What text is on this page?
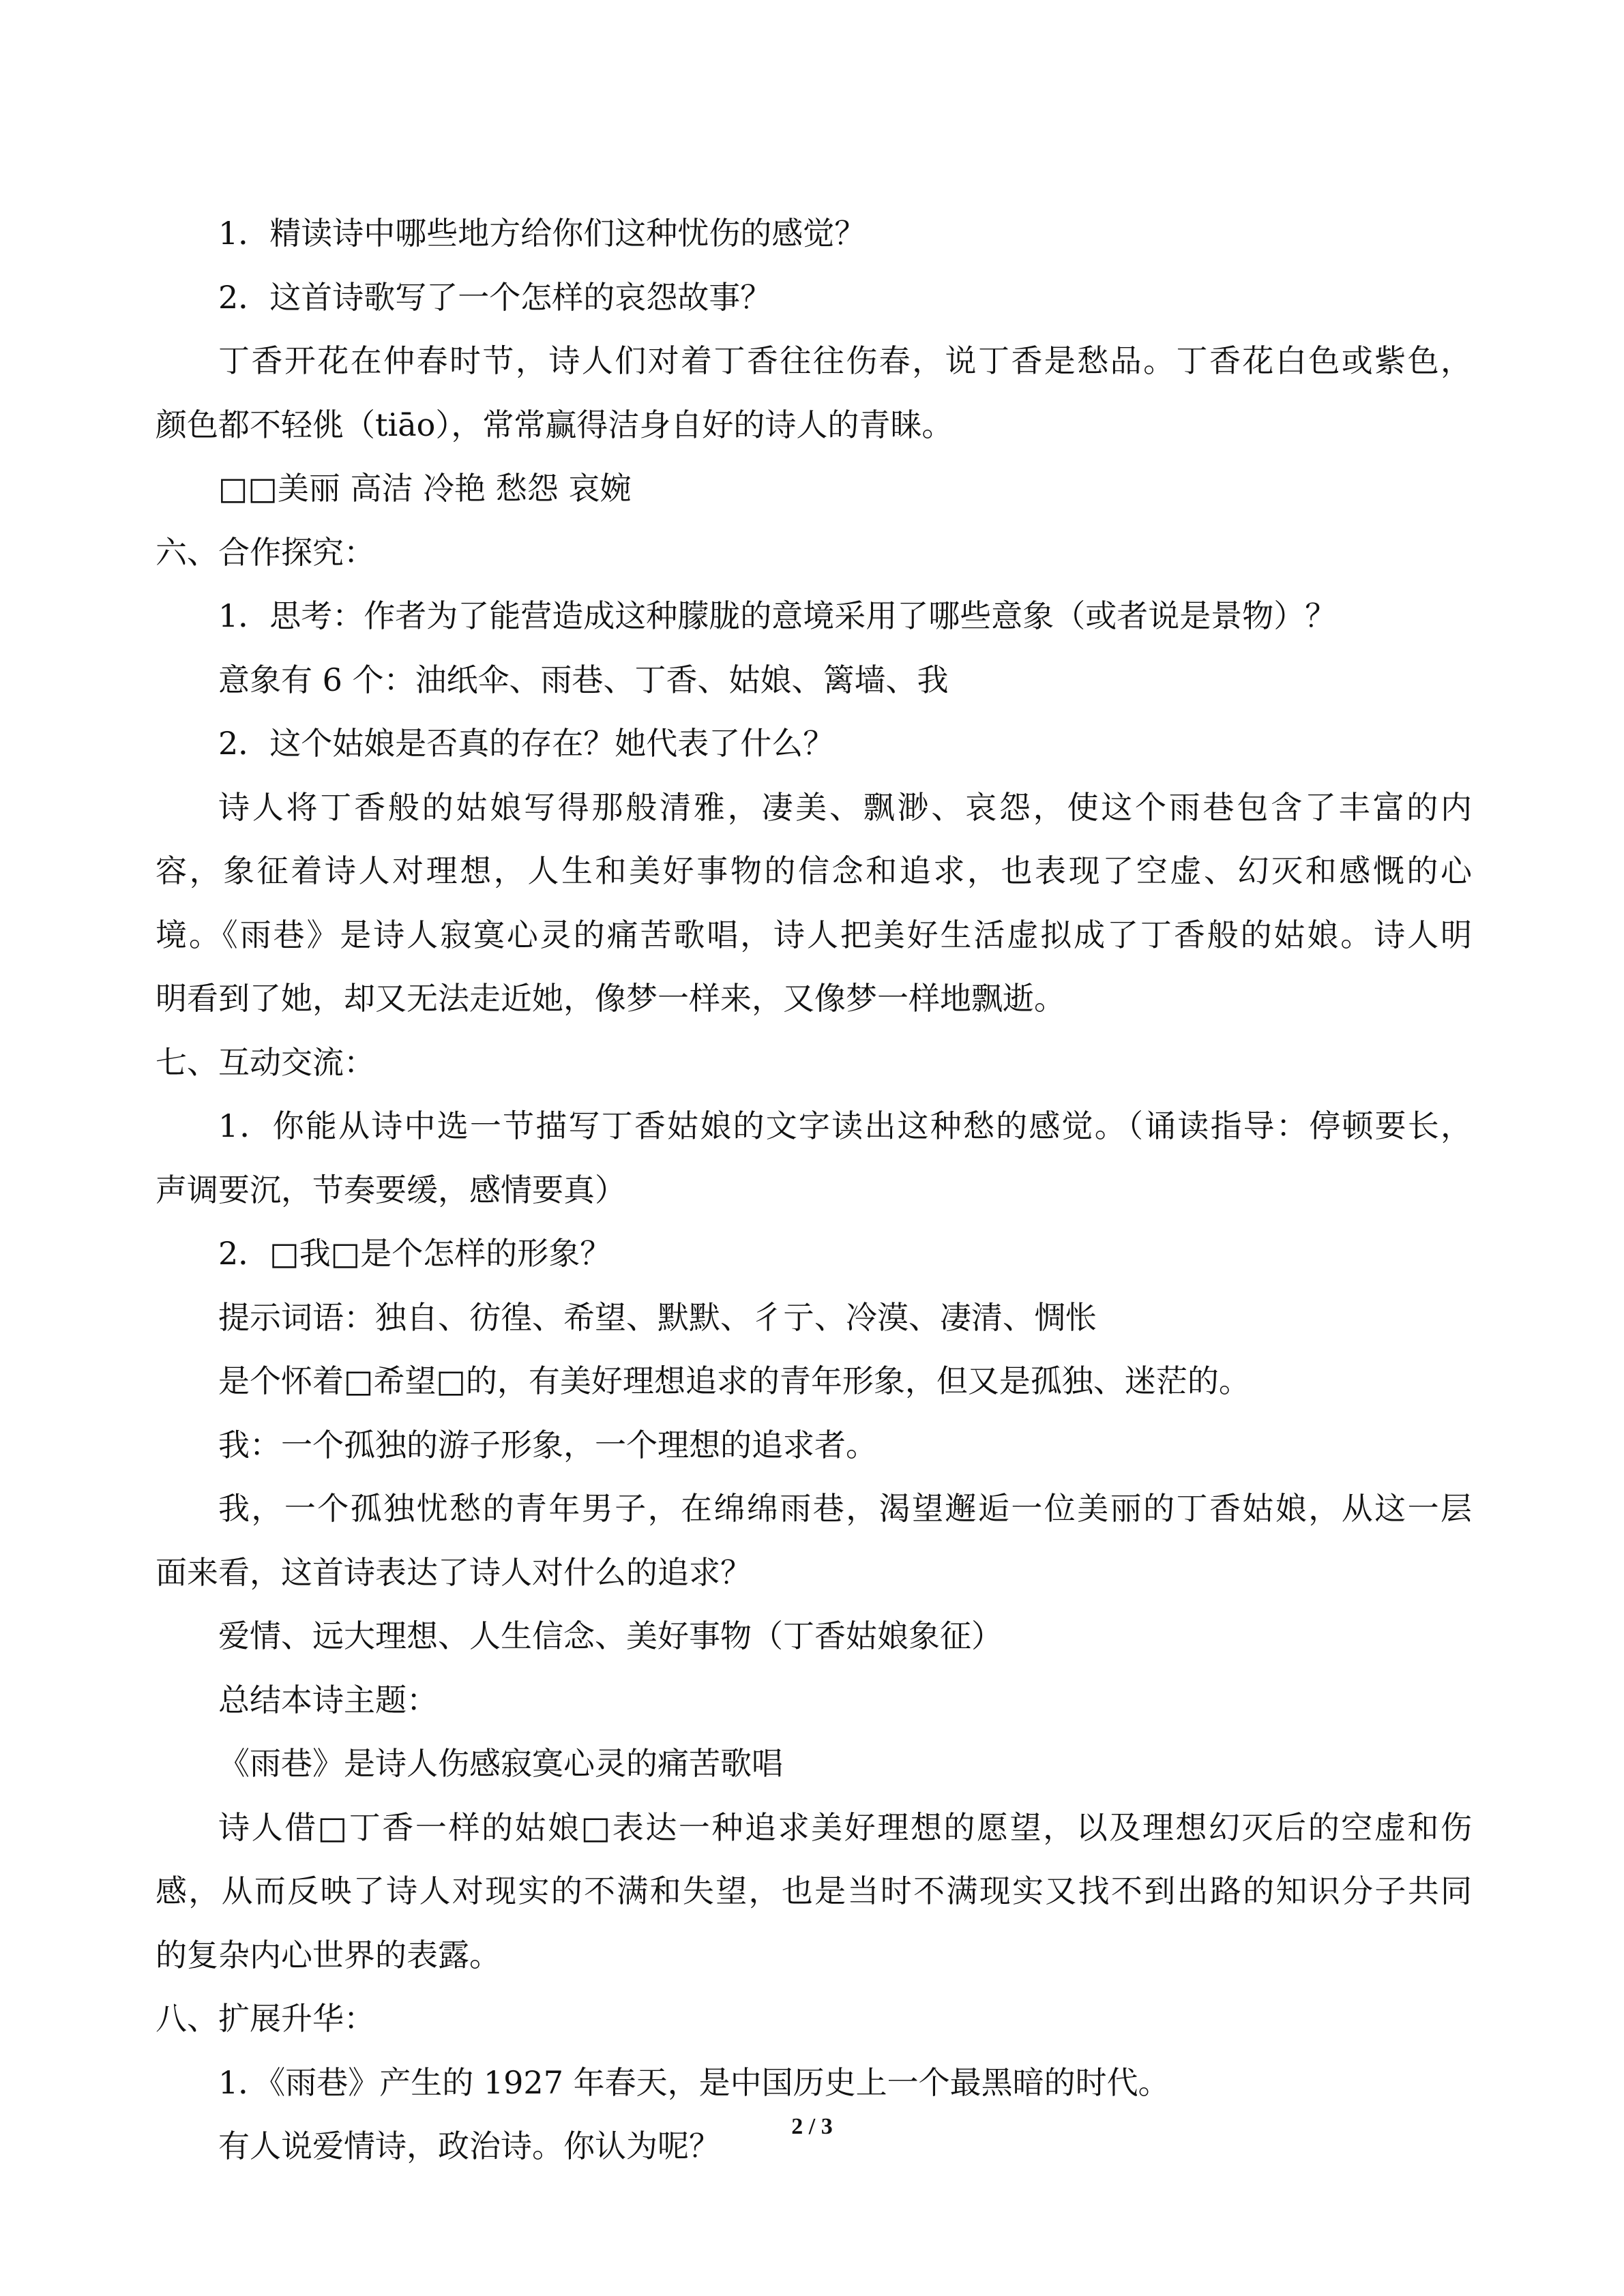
1．精读诗中哪些地方给你们这种忧伤的感觉？

2．这首诗歌写了一个怎样的哀怨故事？

丁香开花在仲春时节，诗人们对着丁香往往伤春，说丁香是愁品。丁香花白色或紫色，

颜色都不轻佻（tiāo），常常赢得洁身自好的诗人的青睐。

□□美丽 高洁 冷艳 愁怨 哀婉

六、合作探究：

1．思考：作者为了能营造成这种朦胧的意境采用了哪些意象（或者说是景物）？

意象有 6 个：油纸伞、雨巷、丁香、姑娘、篱墙、我

2．这个姑娘是否真的存在？她代表了什么？

诗人将丁香般的姑娘写得那般清雅，凄美、飘渺、哀怨，使这个雨巷包含了丰富的内

容，象征着诗人对理想，人生和美好事物的信念和追求，也表现了空虚、幻灭和感慨的心

境。《雨巷》是诗人寂寞心灵的痛苦歌唱，诗人把美好生活虚拟成了丁香般的姑娘。诗人明

明看到了她，却又无法走近她，像梦一样来，又像梦一样地飘逝。

七、互动交流：

1．你能从诗中选一节描写丁香姑娘的文字读出这种愁的感觉。（诵读指导：停顿要长，

声调要沉，节奏要缓，感情要真）

2．□我□是个怎样的形象？

提示词语：独自、彷徨、希望、默默、彳亍、冷漠、凄清、惆怅

是个怀着□希望□的，有美好理想追求的青年形象，但又是孤独、迷茫的。

我：一个孤独的游子形象，一个理想的追求者。

我，一个孤独忧愁的青年男子，在绵绵雨巷，渴望邂逅一位美丽的丁香姑娘，从这一层

面来看，这首诗表达了诗人对什么的追求？

爱情、远大理想、人生信念、美好事物（丁香姑娘象征）

总结本诗主题：

《雨巷》是诗人伤感寂寞心灵的痛苦歌唱

诗人借□丁香一样的姑娘□表达一种追求美好理想的愿望，以及理想幻灭后的空虚和伤

感，从而反映了诗人对现实的不满和失望，也是当时不满现实又找不到出路的知识分子共同

的复杂内心世界的表露。

八、扩展升华：

1．《雨巷》产生的 1927 年春天，是中国历史上一个最黑暗的时代。

有人说爱情诗，政治诗。你认为呢？

2 / 3
